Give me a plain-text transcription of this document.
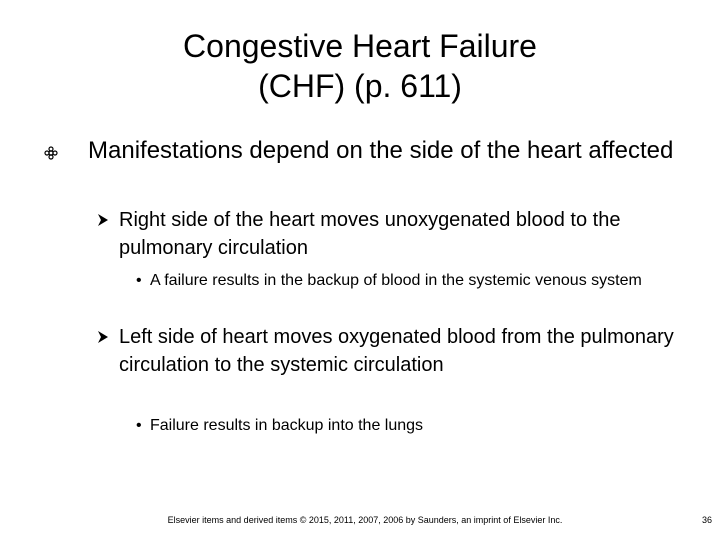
Congestive Heart Failure
(CHF) (p. 611)
Manifestations depend on the side of the heart affected
Right side of the heart moves unoxygenated blood to the pulmonary circulation
• A failure results in the backup of blood in the systemic venous system
Left side of heart moves oxygenated blood from the pulmonary circulation to the systemic circulation
• Failure results in backup into the lungs
Elsevier items and derived items © 2015, 2011, 2007, 2006 by Saunders, an imprint of Elsevier Inc.	36
